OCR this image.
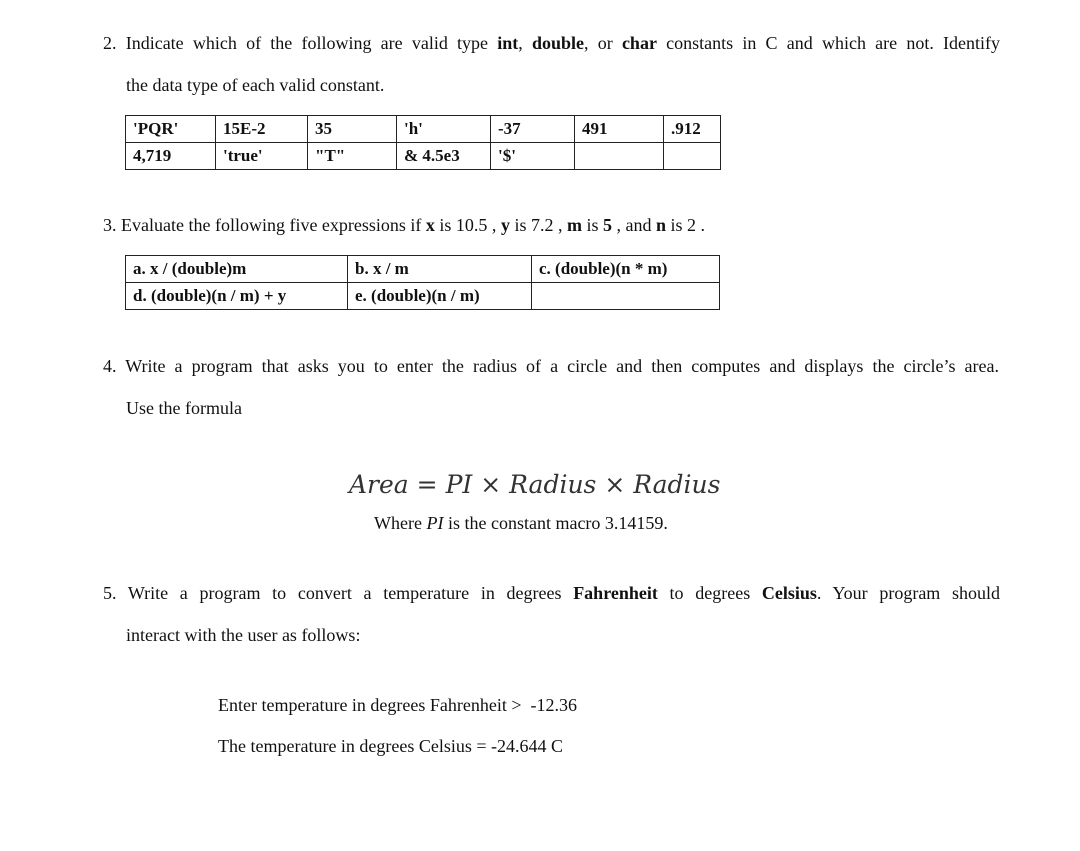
2. Indicate which of the following are valid type int, double, or char constants in C and which are not. Identify
the data type of each valid constant.
'PQR'	15E-2	35	'h'	-37	491	.912
4,719	'true'	"T"	& 4.5e3	'$'		
3. Evaluate the following five expressions if x is 10.5 , y is 7.2 , m is 5 , and n is 2 .
a. x / (double)m	b. x / m	c. (double)(n * m)
d. (double)(n / m) + y	e. (double)(n / m)	
4. Write a program that asks you to enter the radius of a circle and then computes and displays the circle’s area.
Use the formula
Area = PI × Radius × Radius
Where PI is the constant macro 3.14159.
5. Write a program to convert a temperature in degrees Fahrenheit to degrees Celsius. Your program should
interact with the user as follows:
Enter temperature in degrees Fahrenheit >  -12.36
The temperature in degrees Celsius = -24.644 C
